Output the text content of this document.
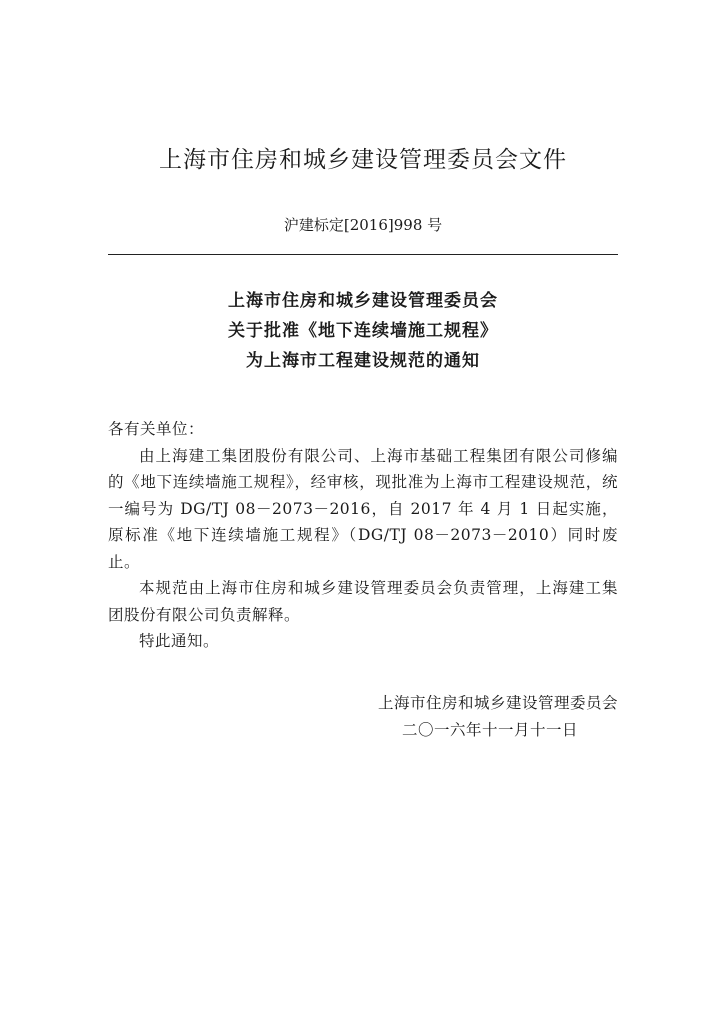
上海市住房和城乡建设管理委员会文件
沪建标定[2016]998 号
上海市住房和城乡建设管理委员会
关于批准《地下连续墙施工规程》
为上海市工程建设规范的通知

各有关单位：

由上海建工集团股份有限公司、上海市基础工程集团有限公司修编的《地下连续墙施工规程》，经审核，现批准为上海市工程建设规范，统一编号为 DG/TJ 08－2073－2016，自 2017 年 4 月 1 日起实施，原标准《地下连续墙施工规程》（DG/TJ 08－2073－2010）同时废止。

本规范由上海市住房和城乡建设管理委员会负责管理，上海建工集团股份有限公司负责解释。

特此通知。

上海市住房和城乡建设管理委员会
二〇一六年十一月十一日
